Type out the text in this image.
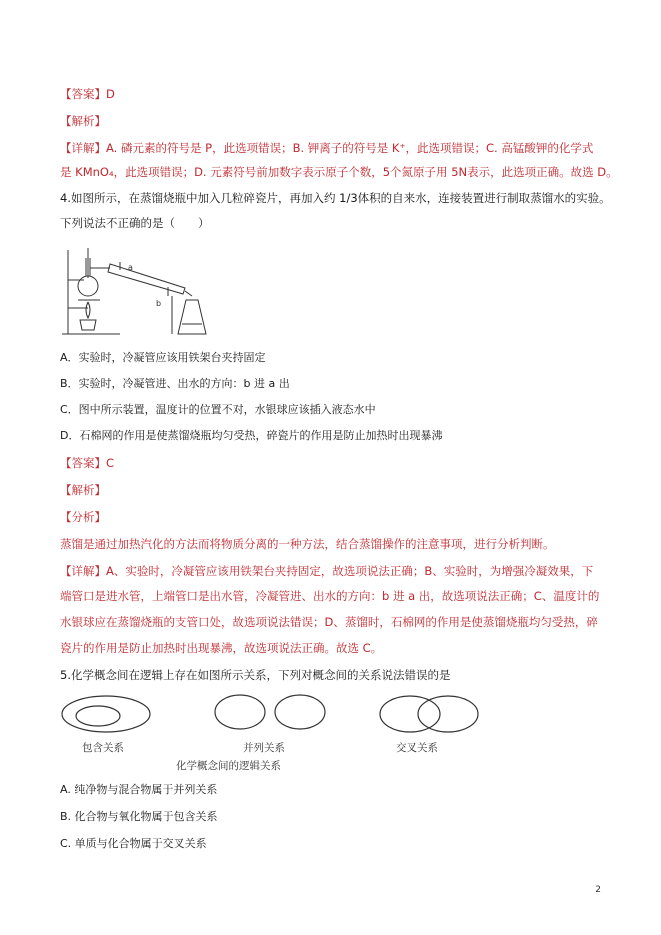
【答案】D
【解析】
【详解】A. 磷元素的符号是 P，此选项错误；B. 钾离子的符号是 K⁺，此选项错误；C. 高锰酸钾的化学式
是 KMnO₄，此选项错误；D. 元素符号前加数字表示原子个数，5个氮原子用 5N表示，此选项正确。故选 D。
4.如图所示，在蒸馏烧瓶中加入几粒碎瓷片，再加入约 1/3体积的自来水，连接装置进行制取蒸馏水的实验。
下列说法不正确的是（　　）
a
b
A．实验时，冷凝管应该用铁架台夹持固定
B．实验时，冷凝管进、出水的方向：b 进 a 出
C．图中所示装置，温度计的位置不对，水银球应该插入液态水中
D．石棉网的作用是使蒸馏烧瓶均匀受热，碎瓷片的作用是防止加热时出现暴沸
【答案】C
【解析】
【分析】
蒸馏是通过加热汽化的方法而将物质分离的一种方法，结合蒸馏操作的注意事项，进行分析判断。
【详解】A、实验时，冷凝管应该用铁架台夹持固定，故选项说法正确；B、实验时，为增强冷凝效果，下
端管口是进水管，上端管口是出水管，冷凝管进、出水的方向：b 进 a 出，故选项说法正确；C、温度计的
水银球应在蒸馏烧瓶的支管口处，故选项说法错误；D、蒸馏时，石棉网的作用是使蒸馏烧瓶均匀受热，碎
瓷片的作用是防止加热时出现暴沸，故选项说法正确。故选 C。
5.化学概念间在逻辑上存在如图所示关系，下列对概念间的关系说法错误的是
包含关系	并列关系	交叉关系
化学概念间的逻辑关系
A. 纯净物与混合物属于并列关系
B. 化合物与氧化物属于包含关系
C. 单质与化合物属于交叉关系
2
